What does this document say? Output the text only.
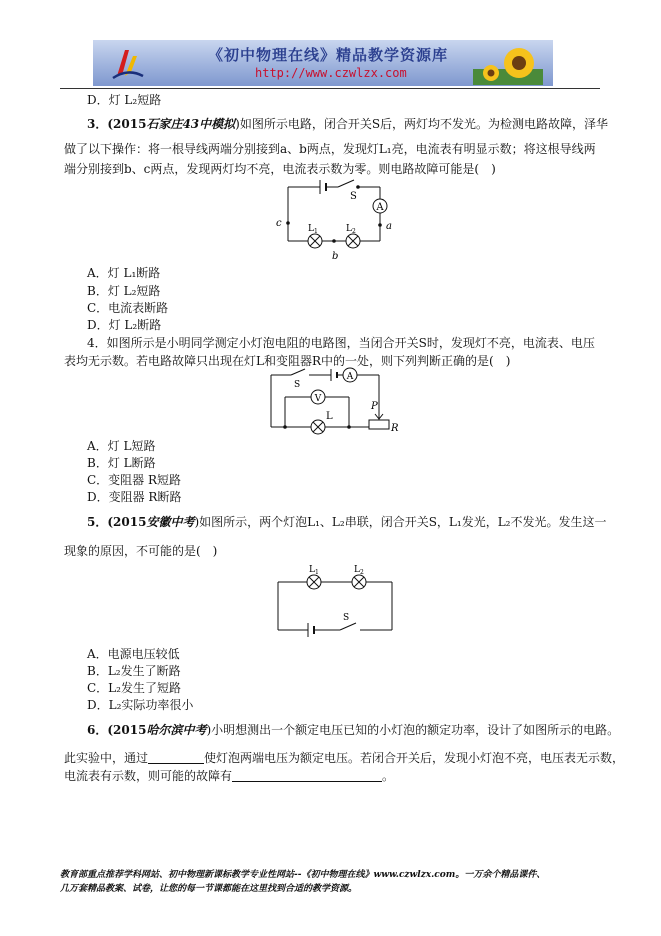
《初中物理在线》精品教学资源库
http://www.czwlzx.com
D．灯 L₂短路
3．(2015石家庄43中模拟)如图所示电路，闭合开关S后，两灯均不发光。为检测电路故障，泽华
做了以下操作：将一根导线两端分别接到a、b两点，发现灯L₁亮，电流表有明显示数；将这根导线两
端分别接到b、c两点，发现两灯均不亮，电流表示数为零。则电路故障可能是(　)
A
S
$L_1$	$L_2$
c	a
b
A．灯 L₁断路
B．灯 L₂短路
C．电流表断路
D．灯 L₂断路
4．如图所示是小明同学测定小灯泡电阻的电路图，当闭合开关S时，发现灯不亮，电流表、电压
表均无示数。若电路故障只出现在灯L和变阻器R中的一处，则下列判断正确的是(　)
A
S
V
L
P
R
A．灯 L短路
B．灯 L断路
C．变阻器 R短路
D．变阻器 R断路
5．(2015安徽中考)如图所示，两个灯泡L₁、L₂串联，闭合开关S，L₁发光，L₂不发光。发生这一
现象的原因，不可能的是(　)
$L_1$	$L_2$
S
A．电源电压较低
B．L₂发生了断路
C．L₂发生了短路
D．L₂实际功率很小
6．(2015哈尔滨中考)小明想测出一个额定电压已知的小灯泡的额定功率，设计了如图所示的电路。
此实验中，通过	使灯泡两端电压为额定电压。若闭合开关后，发现小灯泡不亮，电压表无示数，
电流表有示数，则可能的故障有	。
教育部重点推荐学科网站、初中物理新课标教学专业性网站--《初中物理在线》www.czwlzx.com。一万余个精品课件、
几万套精品教案、试卷，让您的每一节课都能在这里找到合适的教学资源。
